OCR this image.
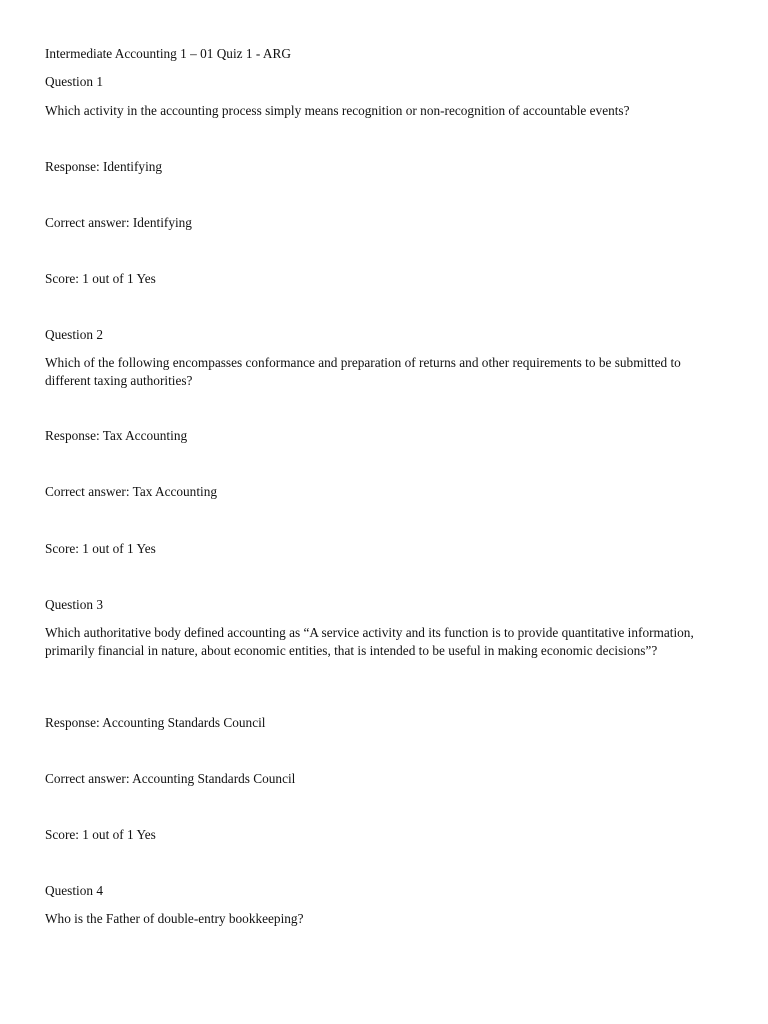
Intermediate Accounting 1 – 01 Quiz 1 - ARG
Question 1
Which activity in the accounting process simply means recognition or non-recognition of accountable events?
Response: Identifying
Correct answer: Identifying
Score: 1 out of 1 Yes
Question 2
Which of the following encompasses conformance and preparation of returns and other requirements to be submitted to different taxing authorities?
Response: Tax Accounting
Correct answer: Tax Accounting
Score: 1 out of 1 Yes
Question 3
Which authoritative body defined accounting as “A service activity and its function is to provide quantitative information, primarily financial in nature, about economic entities, that is intended to be useful in making economic decisions”?
Response: Accounting Standards Council
Correct answer: Accounting Standards Council
Score: 1 out of 1 Yes
Question 4
Who is the Father of double-entry bookkeeping?
